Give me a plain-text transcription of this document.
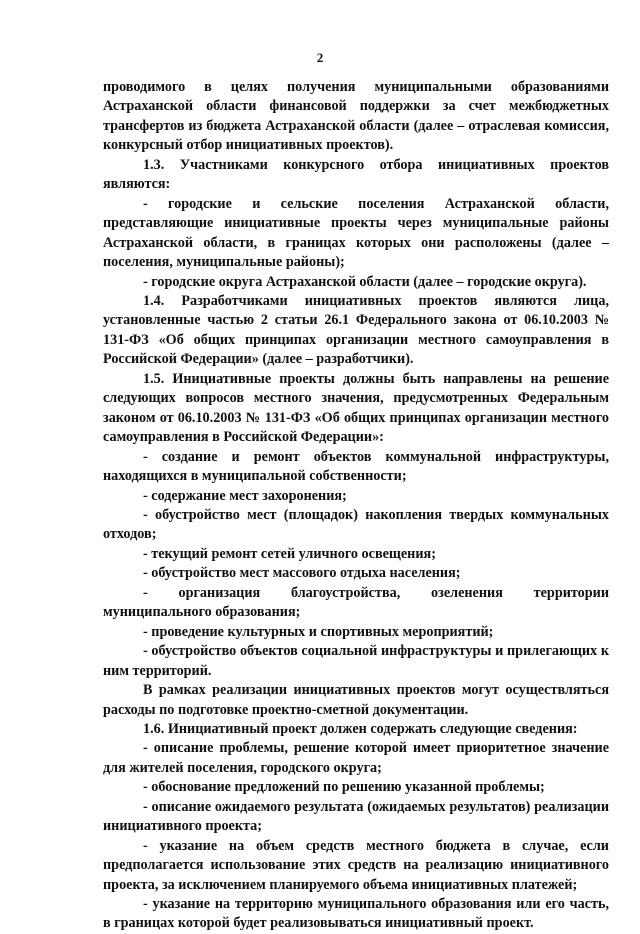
2

проводимого в целях получения муниципальными образованиями Астраханской области финансовой поддержки за счет межбюджетных трансфертов из бюджета Астраханской области (далее – отраслевая комиссия, конкурсный отбор инициативных проектов).

1.3. Участниками конкурсного отбора инициативных проектов являются:

- городские и сельские поселения Астраханской области, представляющие инициативные проекты через муниципальные районы Астраханской области, в границах которых они расположены (далее – поселения, муниципальные районы);

- городские округа Астраханской области (далее – городские округа).

1.4. Разработчиками инициативных проектов являются лица, установленные частью 2 статьи 26.1 Федерального закона от 06.10.2003 № 131-ФЗ «Об общих принципах организации местного самоуправления в Российской Федерации» (далее – разработчики).

1.5. Инициативные проекты должны быть направлены на решение следующих вопросов местного значения, предусмотренных Федеральным законом от 06.10.2003 № 131-ФЗ «Об общих принципах организации местного самоуправления в Российской Федерации»:

- создание и ремонт объектов коммунальной инфраструктуры, находящихся в муниципальной собственности;

- содержание мест захоронения;

- обустройство мест (площадок) накопления твердых коммунальных отходов;

- текущий ремонт сетей уличного освещения;

- обустройство мест массового отдыха населения;

- организация благоустройства, озеленения территории муниципального образования;

- проведение культурных и спортивных мероприятий;

- обустройство объектов социальной инфраструктуры и прилегающих к ним территорий.

В рамках реализации инициативных проектов могут осуществляться расходы по подготовке проектно-сметной документации.

1.6. Инициативный проект должен содержать следующие сведения:

- описание проблемы, решение которой имеет приоритетное значение для жителей поселения, городского округа;

- обоснование предложений по решению указанной проблемы;

- описание ожидаемого результата (ожидаемых результатов) реализации инициативного проекта;

- указание на объем средств местного бюджета в случае, если предполагается использование этих средств на реализацию инициативного проекта, за исключением планируемого объема инициативных платежей;

- указание на территорию муниципального образования или его часть, в границах которой будет реализовываться инициативный проект.
